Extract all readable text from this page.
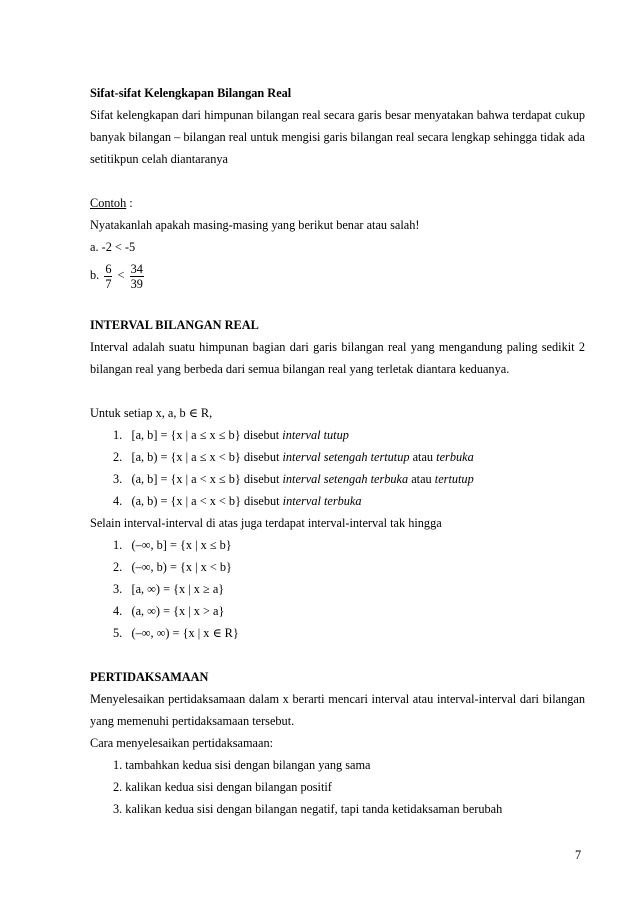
Sifat-sifat Kelengkapan Bilangan Real
Sifat kelengkapan dari himpunan bilangan real secara garis besar menyatakan bahwa terdapat cukup banyak bilangan – bilangan real untuk mengisi garis bilangan real secara lengkap sehingga tidak ada setitikpun celah diantaranya
Contoh :
Nyatakanlah apakah masing-masing yang berikut benar atau salah!
a. -2 < -5
b. $\frac{6}{7} < \frac{34}{39}$
INTERVAL BILANGAN REAL
Interval adalah suatu himpunan bagian dari garis bilangan real yang mengandung paling sedikit 2 bilangan real yang berbeda dari semua bilangan real yang terletak diantara keduanya.
Untuk setiap x, a, b ∈ R,
1. [a, b] = {x | a ≤ x ≤ b} disebut interval tutup
2. [a, b) = {x | a ≤ x < b} disebut interval setengah tertutup atau terbuka
3. (a, b] = {x | a < x ≤ b} disebut interval setengah terbuka atau tertutup
4. (a, b) = {x | a < x < b} disebut interval terbuka
Selain interval-interval di atas juga terdapat interval-interval tak hingga
1. (–∞, b] = {x | x ≤ b}
2. (–∞, b) = {x | x < b}
3. [a, ∞) = {x | x ≥ a}
4. (a, ∞) = {x | x > a}
5. (–∞, ∞) = {x | x ∈ R}
PERTIDAKSAMAAN
Menyelesaikan pertidaksamaan dalam x berarti mencari interval atau interval-interval dari bilangan yang memenuhi pertidaksamaan tersebut.
Cara menyelesaikan pertidaksamaan:
1. tambahkan kedua sisi dengan bilangan yang sama
2. kalikan kedua sisi dengan bilangan positif
3. kalikan kedua sisi dengan bilangan negatif, tapi tanda ketidaksaman berubah
7
